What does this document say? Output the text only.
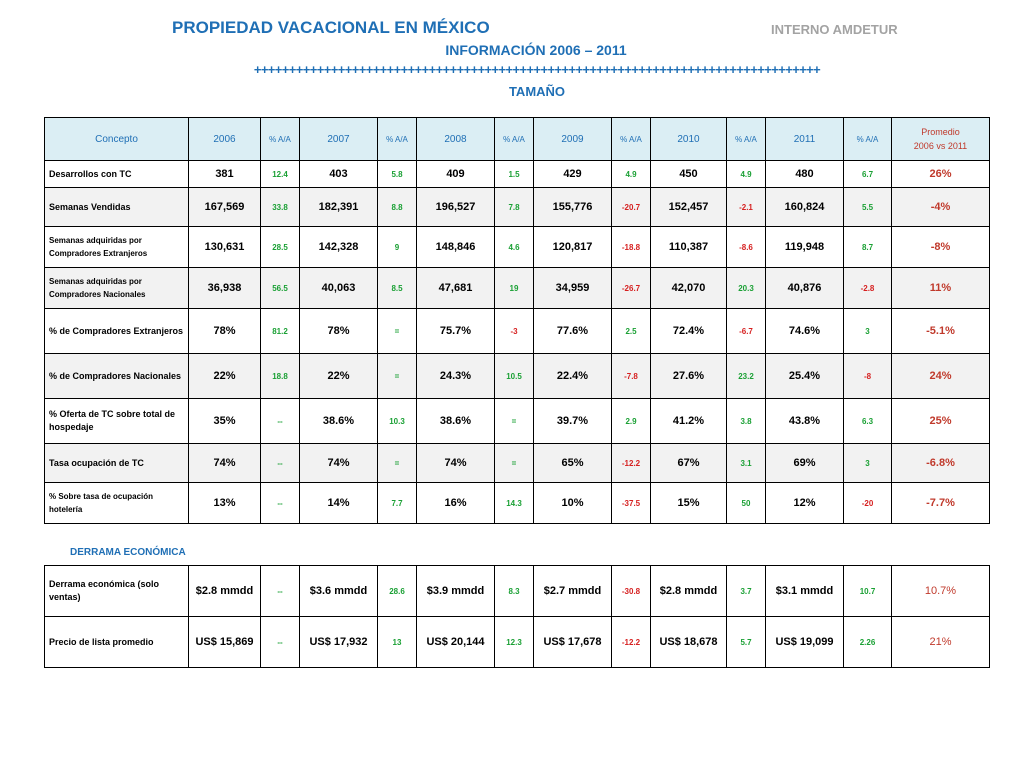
PROPIEDAD VACACIONAL EN MÉXICO	INTERNO AMDETUR
INFORMACIÓN 2006 – 2011
+++++++++++++++++++++++++++++++++++++++++++++++++++++++++++++++++++++++++++++++++
TAMAÑO
Concepto	2006	% A/A	2007	% A/A	2008	% A/A	2009	% A/A	2010	% A/A	2011	% A/A	Promedio
2006 vs 2011
Desarrollos con TC	381	12.4	403	5.8	409	1.5	429	4.9	450	4.9	480	6.7	26%
Semanas Vendidas	167,569	33.8	182,391	8.8	196,527	7.8	155,776	-20.7	152,457	-2.1	160,824	5.5	-4%
Semanas adquiridas por Compradores Extranjeros	130,631	28.5	142,328	9	148,846	4.6	120,817	-18.8	110,387	-8.6	119,948	8.7	-8%
Semanas adquiridas por Compradores Nacionales	36,938	56.5	40,063	8.5	47,681	19	34,959	-26.7	42,070	20.3	40,876	-2.8	11%
% de Compradores Extranjeros	78%	81.2	78%	=	75.7%	-3	77.6%	2.5	72.4%	-6.7	74.6%	3	-5.1%
% de Compradores Nacionales	22%	18.8	22%	=	24.3%	10.5	22.4%	-7.8	27.6%	23.2	25.4%	-8	24%
% Oferta de TC sobre total de hospedaje	35%	--	38.6%	10.3	38.6%	=	39.7%	2.9	41.2%	3.8	43.8%	6.3	25%
Tasa ocupación de TC	74%	--	74%	=	74%	=	65%	-12.2	67%	3.1	69%	3	-6.8%
% Sobre tasa de ocupación hotelería	13%	--	14%	7.7	16%	14.3	10%	-37.5	15%	50	12%	-20	-7.7%
DERRAMA ECONÓMICA
Derrama económica (solo ventas)	$2.8 mmdd	--	$3.6 mmdd	28.6	$3.9 mmdd	8.3	$2.7 mmdd	-30.8	$2.8 mmdd	3.7	$3.1 mmdd	10.7	10.7%
Precio de lista promedio	US$ 15,869	--	US$ 17,932	13	US$ 20,144	12.3	US$ 17,678	-12.2	US$ 18,678	5.7	US$ 19,099	2.26	21%
